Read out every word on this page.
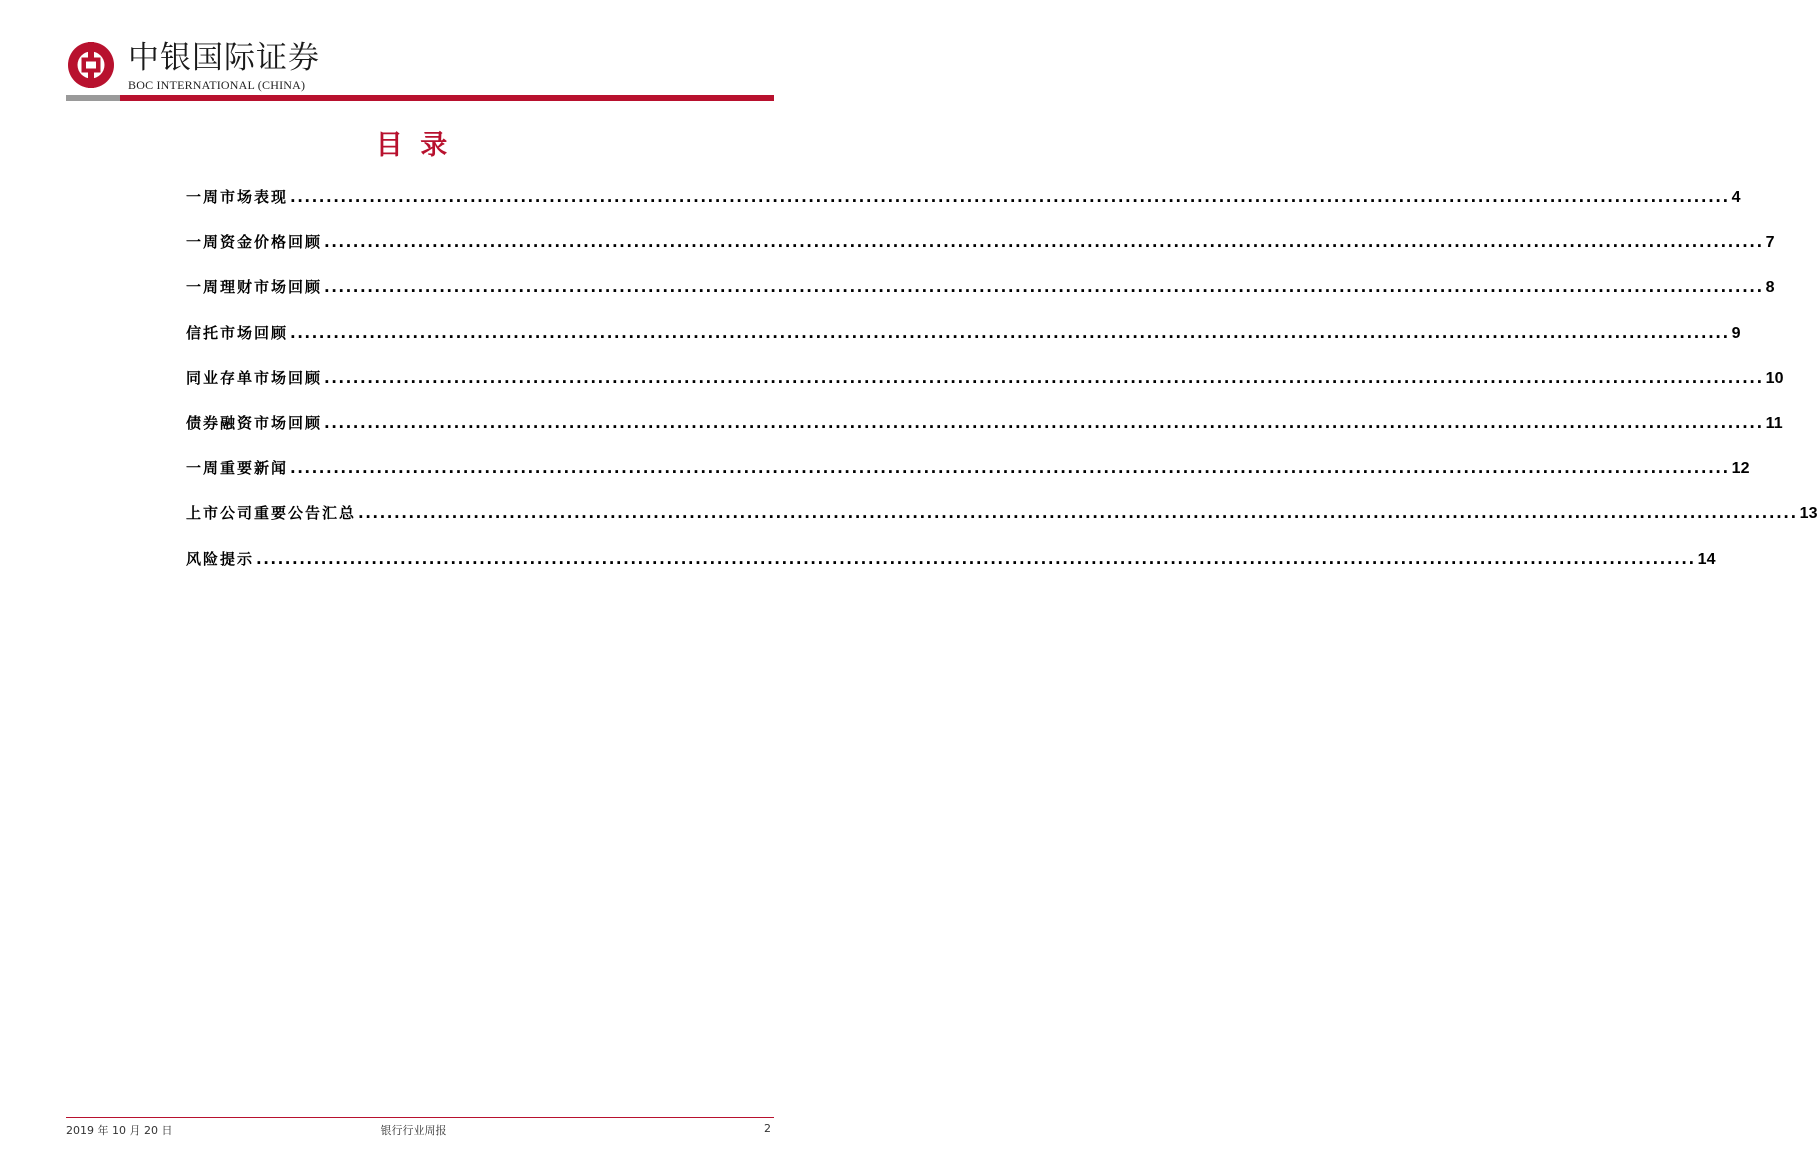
中银国际证券
BOC INTERNATIONAL (CHINA)
目 录
一周市场表现 ........................................................................................................................................................................................................ 4
一周资金价格回顾 ........................................................................................................................................................................................................ 7
一周理财市场回顾 ........................................................................................................................................................................................................ 8
信托市场回顾 ........................................................................................................................................................................................................ 9
同业存单市场回顾 ........................................................................................................................................................................................................ 10
债券融资市场回顾 ........................................................................................................................................................................................................ 11
一周重要新闻 ........................................................................................................................................................................................................ 12
上市公司重要公告汇总 ........................................................................................................................................................................................................ 13
风险提示 ........................................................................................................................................................................................................ 14
2019 年 10 月 20 日	银行行业周报	2
